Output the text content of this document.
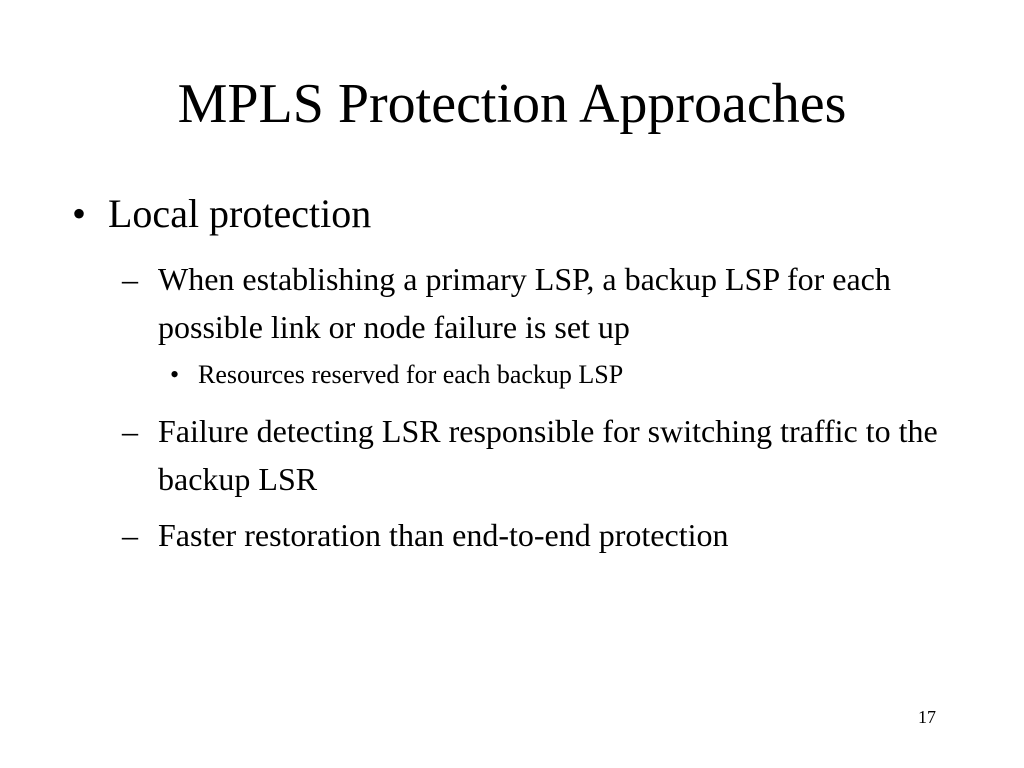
MPLS Protection Approaches
• Local protection
– When establishing a primary LSP, a backup LSP for each possible link or node failure is set up
• Resources reserved for each backup LSP
– Failure detecting LSR responsible for switching traffic to the backup LSR
– Faster restoration than end-to-end protection
17
